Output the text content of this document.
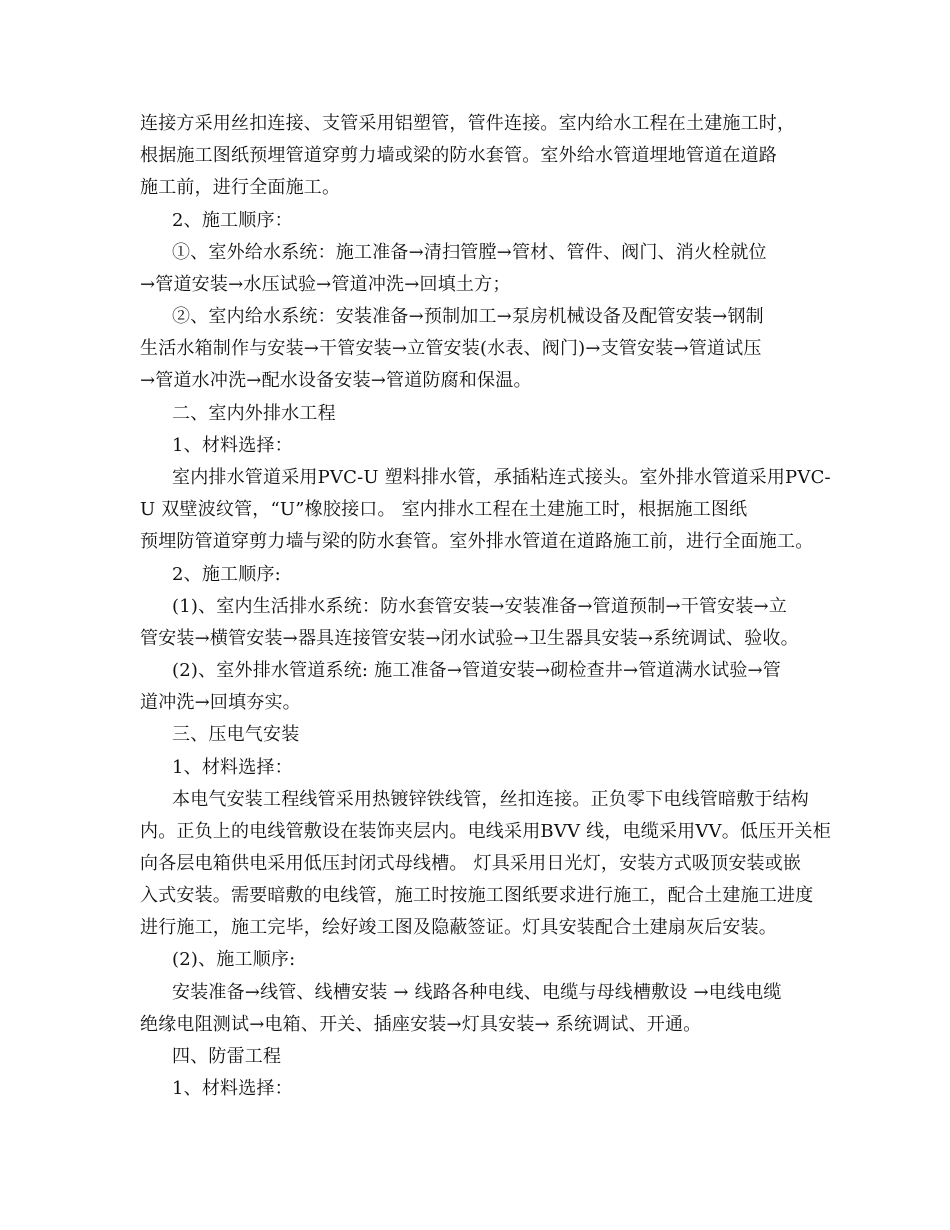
连接方采用丝扣连接、支管采用铝塑管，管件连接。室内给水工程在土建施工时，
根据施工图纸预埋管道穿剪力墙或梁的防水套管。室外给水管道埋地管道在道路
施工前，进行全面施工。
2、施工顺序：
①、室外给水系统：施工准备→清扫管膛→管材、管件、阀门、消火栓就位
→管道安装→水压试验→管道冲洗→回填土方；
②、室内给水系统：安装准备→预制加工→泵房机械设备及配管安装→钢制
生活水箱制作与安装→干管安装→立管安装(水表、阀门)→支管安装→管道试压
→管道水冲洗→配水设备安装→管道防腐和保温。
二、室内外排水工程
1、材料选择：
室内排水管道采用PVC-U 塑料排水管，承插粘连式接头。室外排水管道采用PVC-
U 双壁波纹管，“U”橡胶接口。 室内排水工程在土建施工时，根据施工图纸
预埋防管道穿剪力墙与梁的防水套管。室外排水管道在道路施工前，进行全面施工。
2、施工顺序:
(1)、室内生活排水系统：防水套管安装→安装准备→管道预制→干管安装→立
管安装→横管安装→器具连接管安装→闭水试验→卫生器具安装→系统调试、验收。
(2)、室外排水管道系统: 施工准备→管道安装→砌检查井→管道满水试验→管
道冲洗→回填夯实。
三、压电气安装
1、材料选择：
本电气安装工程线管采用热镀锌铁线管，丝扣连接。正负零下电线管暗敷于结构
内。正负上的电线管敷设在装饰夹层内。电线采用BVV 线，电缆采用VV。低压开关柜
向各层电箱供电采用低压封闭式母线槽。 灯具采用日光灯，安装方式吸顶安装或嵌
入式安装。需要暗敷的电线管，施工时按施工图纸要求进行施工，配合土建施工进度
进行施工，施工完毕，绘好竣工图及隐蔽签证。灯具安装配合土建扇灰后安装。
(2)、施工顺序:
安装准备→线管、线槽安装 → 线路各种电线、电缆与母线槽敷设 →电线电缆
绝缘电阻测试→电箱、开关、插座安装→灯具安装→ 系统调试、开通。
四、防雷工程
1、材料选择：
